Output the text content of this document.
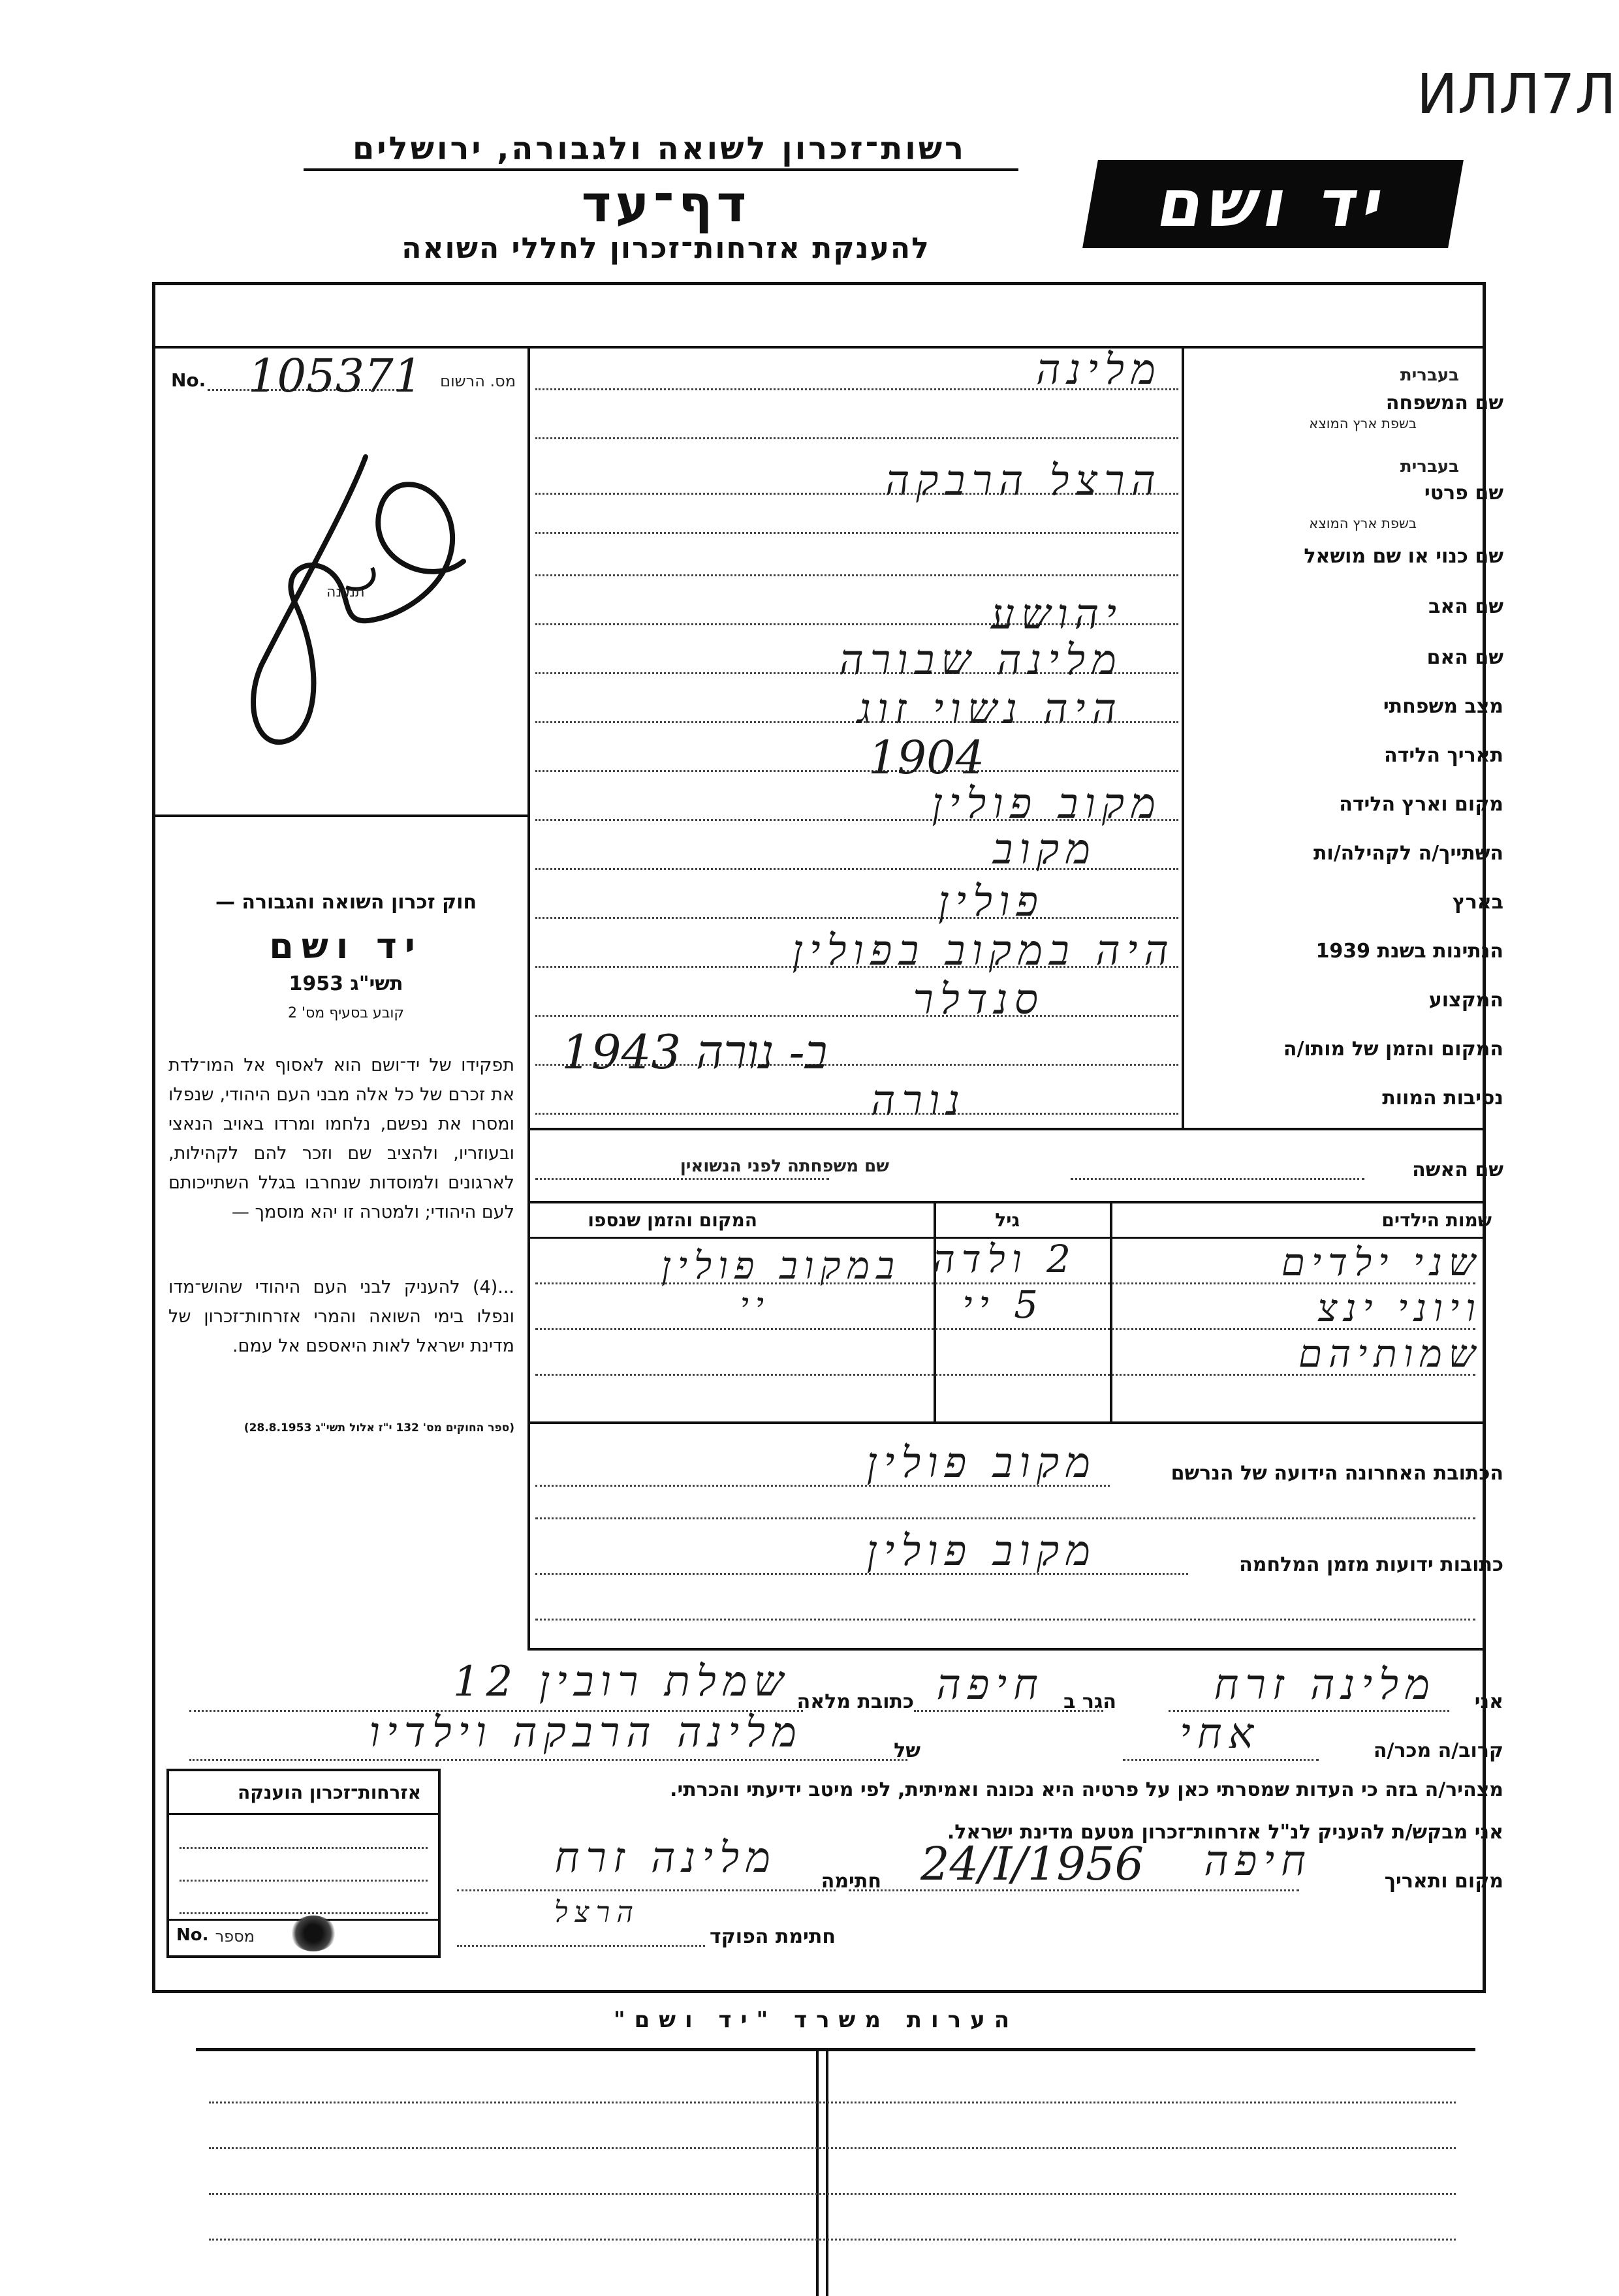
ИЛЛ7Л
רשות־זכרון לשואה ולגבורה, ירושלים
דף־עד
להענקת אזרחות־זכרון לחללי השואה
יד ושם
מס. הרשום
No. 105371
תמונה
חוק זכרון השואה והגבורה —
יד ושם
תשי"ג 1953
קובע בסעיף מס' 2
תפקידו של יד־ושם הוא לאסוף אל המו־לדת את זכרם של כל אלה מבני העם היהודי, שנפלו ומסרו את נפשם, נלחמו ומרדו באויב הנאצי ובעוזריו, ולהציב שם וזכר להם לקהילות, לארגונים ולמוסדות שנחרבו בגלל השתייכותם לעם היהודי; ולמטרה זו יהא מוסמך —
...(4) להעניק לבני העם היהודי שהוש־מדו ונפלו בימי השואה והמרי אזרחות־זכרון של מדינת ישראל לאות היאספם אל עמם.
(ספר החוקים מס' 132 י"ז אלול תשי"ג 28.8.1953)
שם המשפחה
בעברית
בשפת ארץ המוצא
מלינה
שם פרטי
בעברית
בשפת ארץ המוצא
הרצל הרבקה
שם כנוי או שם מושאל
שם האב
יהושע
שם האם
מלינה שבורה
מצב משפחתי
היה נשוי זוג
תאריך הלידה
1904
מקום וארץ הלידה
מקוב פולין
השתייך/ה לקהילה/ות
מקוב
בארץ
פולין
הנתינות בשנת 1939
היה במקוב בפולין
המקצוע
סנדלר
המקום והזמן של מותו/ה
1943 ב- נורה
נסיבות המוות
נורה
שם האשה
שם משפחתה לפני הנשואין
שמות הילדים
גיל
המקום והזמן שנספו
שני ילדים
2 ולדה
במקוב פולין
ויוני ינצ
5 יי
יי
שמותיהם
הכתובת האחרונה הידועה של הנרשם
מקוב פולין
כתובות ידועות מזמן המלחמה
מקוב פולין
אני
מלינה זרח
הגר ב
חיפה
כתובת מלאה
שמלת רובין 12
קרוב/ה מכר/ה
אחי
של
מלינה הרבקה וילדיו
מצהיר/ה בזה כי העדות שמסרתי כאן על פרטיה היא נכונה ואמיתית, לפי מיטב ידיעתי והכרתי.
אני מבקש/ת להעניק לנ"ל אזרחות־זכרון מטעם מדינת ישראל.
מקום ותאריך
חיפה
24/I/1956
חתימה
מלינה זרח
חתימת הפוקד
הרצל
אזרחות־זכרון הוענקה
No. מספר
הערות משרד "יד ושם"
